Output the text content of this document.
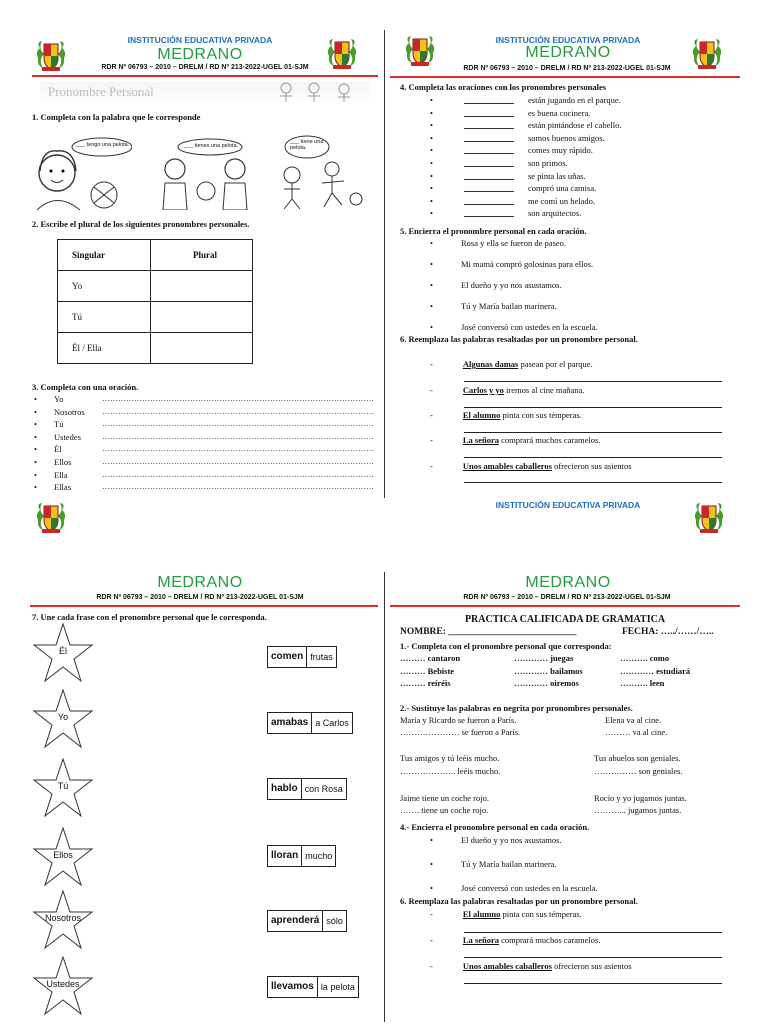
INSTITUCIÓN EDUCATIVA PRIVADA
MEDRANO
RDR Nº 06793 – 2010 – DRELM / RD Nº 213-2022-UGEL 01-SJM
Pronombre Personal
1. Completa con la palabra que le corresponde
___ tengo una pelota.	___ tienes una pelota.
___ tiene una pelota.
2. Escribe el plural de los siguientes pronombres personales.
Singular	Plural
Yo	
Tú	
Él / Ella	
3. Completa con una oración.
•	Yo	…………………………………………………………………………………………
•	Nosotros	…………………………………………………………………………………………
•	Tú	…………………………………………………………………………………………
•	Ustedes	…………………………………………………………………………………………
•	Él	…………………………………………………………………………………………
•	Ellos	…………………………………………………………………………………………
•	Ella	…………………………………………………………………………………………
•	Ellas	…………………………………………………………………………………………
INSTITUCIÓN EDUCATIVA PRIVADA
MEDRANO
RDR Nº 06793 – 2010 – DRELM / RD Nº 213-2022-UGEL 01-SJM
4. Completa las oraciones con los pronombres personales
•	están jugando en el parque.
•	es buena cocinera.
•	están pintándose el cabello.
•	somos buenos amigos.
•	comes muy rápido.
•	son primos.
•	se pinta las uñas.
•	compró una camisa.
•	me comí un helado.
•	son arquitectos.
5. Encierra el pronombre personal en cada oración.
•	Rosa y ella se fueron de paseo.
•	Mi mamá compró golosinas para ellos.
•	El dueño y yo nos asustamos.
•	Tú y María bailan marinera.
•	José conversó con ustedes en la escuela.
6. Reemplaza las palabras resaltadas por un pronombre personal.
-	Algunas damas pasean por el parque.
-	Carlos y yo iremos al cine mañana.
-	El alumno pinta con sus témperas.
-	La señora comprará muchos caramelos.
-	Unos amables caballeros ofrecieron sus asientos
INSTITUCIÓN EDUCATIVA PRIVADA
MEDRANO
RDR Nº 06793 – 2010 – DRELM / RD Nº 213-2022-UGEL 01-SJM
7. Une cada frase con el pronombre personal que le corresponda.
Él
Yo
Tú
Ellos
Nosotros
Ustedes
comen frutas
amabas a Carlos
hablo con Rosa
lloran mucho
aprenderá sólo
llevamos la pelota
MEDRANO
RDR Nº 06793 – 2010 – DRELM / RD Nº 213-2022-UGEL 01-SJM
PRACTICA CALIFICADA DE GRAMATICA
NOMBRE: ___________________________	FECHA: …../……/…..
1.- Completa con el pronombre personal que corresponda:
……… cantaron	………… juegas	………. como
……… Bebiste	………… bailamos	………… estudiará
……… reíréis	………… oiremos	………. leen
2.- Sustituye las palabras en negrita por pronombres personales.
María y Ricardo se fueron a París.
………………… se fueron a París.
Elena va al cine.
……… va al cine.
Tus amigos y tú leéis mucho.
……………….. leéis mucho.
Tus abuelos son geniales.
…………… son geniales.
Jaime tiene un coche rojo.
……. tiene un coche rojo.
Rocío y yo jugamos juntas.
………... jugamos juntas.
4.- Encierra el pronombre personal en cada oración.
•	El dueño y yo nos asustamos.
•	Tú y María bailan marinera.
•	José conversó con ustedes en la escuela.
6. Reemplaza las palabras resaltadas por un pronombre personal.
-	El alumno pinta con sus témperas.
-	La señora comprará muchos caramelos.
-	Unos amables caballeros ofrecieron sus asientos
